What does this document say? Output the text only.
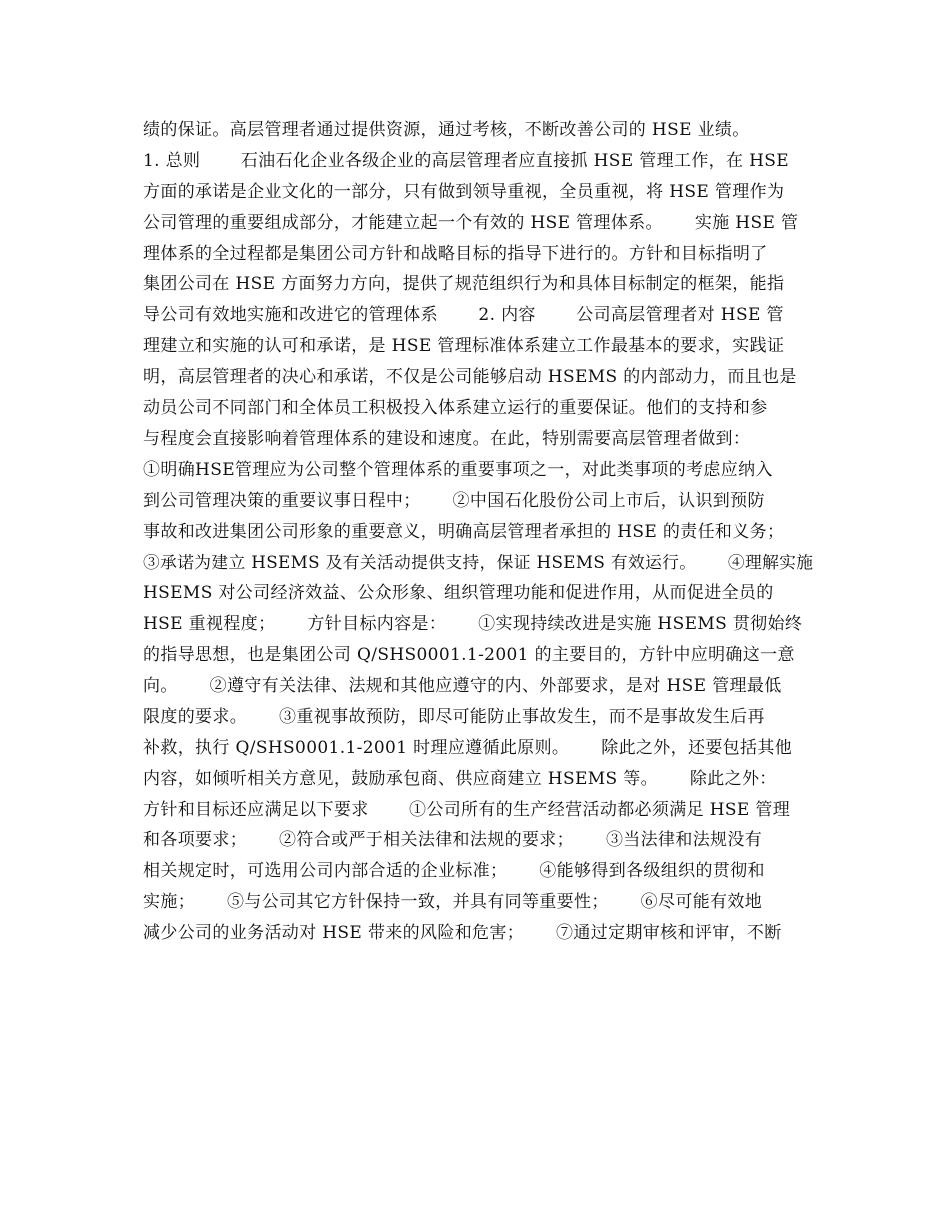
绩的保证。高层管理者通过提供资源，通过考核，不断改善公司的 HSE 业绩。
1. 总则　　 石油石化企业各级企业的高层管理者应直接抓 HSE 管理工作，在 HSE
方面的承诺是企业文化的一部分，只有做到领导重视，全员重视，将 HSE 管理作为
公司管理的重要组成部分，才能建立起一个有效的 HSE 管理体系。　　 实施 HSE 管
理体系的全过程都是集团公司方针和战略目标的指导下进行的。方针和目标指明了
集团公司在 HSE 方面努力方向，提供了规范组织行为和具体目标制定的框架，能指
导公司有效地实施和改进它的管理体系　　 2. 内容　　 公司高层管理者对 HSE 管
理建立和实施的认可和承诺，是 HSE 管理标准体系建立工作最基本的要求，实践证
明，高层管理者的决心和承诺，不仅是公司能够启动 HSEMS 的内部动力，而且也是
动员公司不同部门和全体员工积极投入体系建立运行的重要保证。他们的支持和参
与程度会直接影响着管理体系的建设和速度。在此，特别需要高层管理者做到：
①明确HSE管理应为公司整个管理体系的重要事项之一，对此类事项的考虑应纳入
到公司管理决策的重要议事日程中；　　 ②中国石化股份公司上市后，认识到预防
事故和改进集团公司形象的重要意义，明确高层管理者承担的 HSE 的责任和义务；
③承诺为建立 HSEMS 及有关活动提供支持，保证 HSEMS 有效运行。　　 ④理解实施
HSEMS 对公司经济效益、公众形象、组织管理功能和促进作用，从而促进全员的
HSE 重视程度；　　 方针目标内容是：　　 ①实现持续改进是实施 HSEMS 贯彻始终
的指导思想，也是集团公司 Q/SHS0001.1-2001 的主要目的，方针中应明确这一意
向。　　 ②遵守有关法律、法规和其他应遵守的内、外部要求，是对 HSE 管理最低
限度的要求。　　 ③重视事故预防，即尽可能防止事故发生，而不是事故发生后再
补救，执行 Q/SHS0001.1-2001 时理应遵循此原则。　　 除此之外，还要包括其他
内容，如倾听相关方意见，鼓励承包商、供应商建立 HSEMS 等。　　 除此之外：
方针和目标还应满足以下要求　　 ①公司所有的生产经营活动都必须满足 HSE 管理
和各项要求；　　 ②符合或严于相关法律和法规的要求；　　 ③当法律和法规没有
相关规定时，可选用公司内部合适的企业标准；　　 ④能够得到各级组织的贯彻和
实施；　　 ⑤与公司其它方针保持一致，并具有同等重要性；　　 ⑥尽可能有效地
减少公司的业务活动对 HSE 带来的风险和危害；　　 ⑦通过定期审核和评审，不断
